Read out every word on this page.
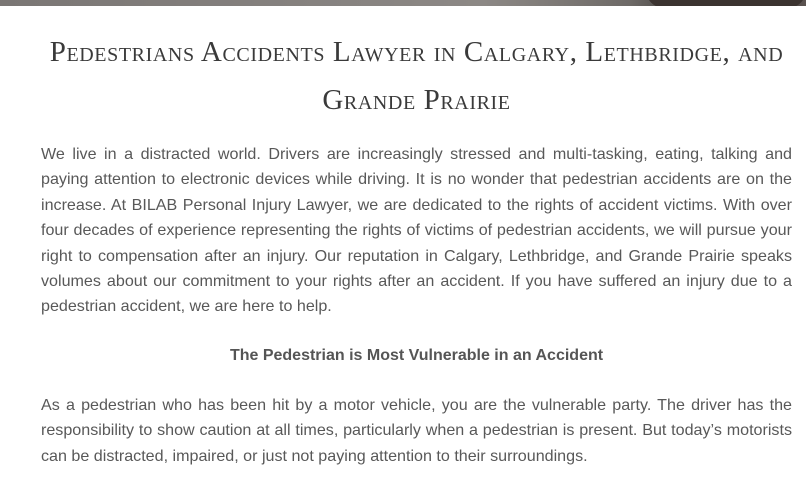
Pedestrians Accidents Lawyer in Calgary, Lethbridge, and Grande Prairie

We live in a distracted world. Drivers are increasingly stressed and multi-tasking, eating, talking and paying attention to electronic devices while driving. It is no wonder that pedestrian accidents are on the increase. At BILAB Personal Injury Lawyer, we are dedicated to the rights of accident victims. With over four decades of experience representing the rights of victims of pedestrian accidents, we will pursue your right to compensation after an injury. Our reputation in Calgary, Lethbridge, and Grande Prairie speaks volumes about our commitment to your rights after an accident. If you have suffered an injury due to a pedestrian accident, we are here to help.

The Pedestrian is Most Vulnerable in an Accident

As a pedestrian who has been hit by a motor vehicle, you are the vulnerable party. The driver has the responsibility to show caution at all times, particularly when a pedestrian is present. But today’s motorists can be distracted, impaired, or just not paying attention to their surroundings.
